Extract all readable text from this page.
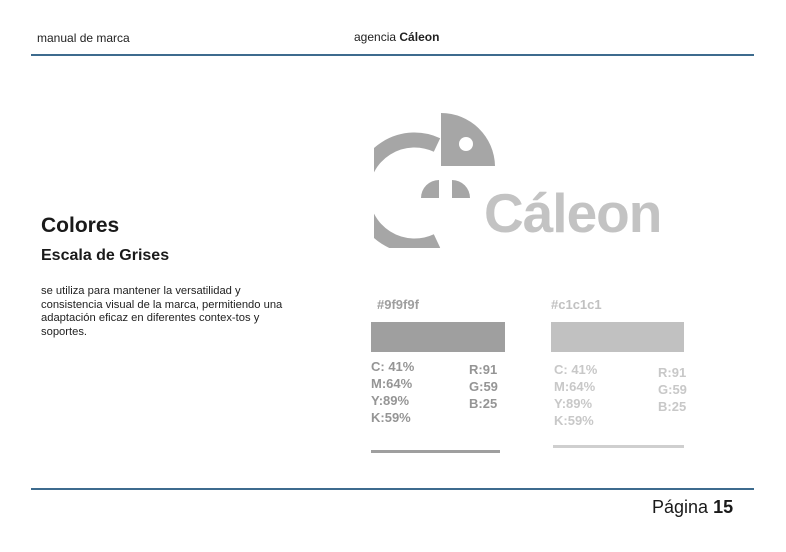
manual de marca	agencia Cáleon
Colores
Escala de Grises
se utiliza para mantener la versatilidad y consistencia visual de la marca, permitiendo una adaptación eficaz en diferentes contex-tos y soportes.
Cáleon
#9f9f9f
C: 41%
M:64%
Y:89%
K:59%
R:91
G:59
B:25
#c1c1c1
C: 41%
M:64%
Y:89%
K:59%
R:91
G:59
B:25
Página 15
